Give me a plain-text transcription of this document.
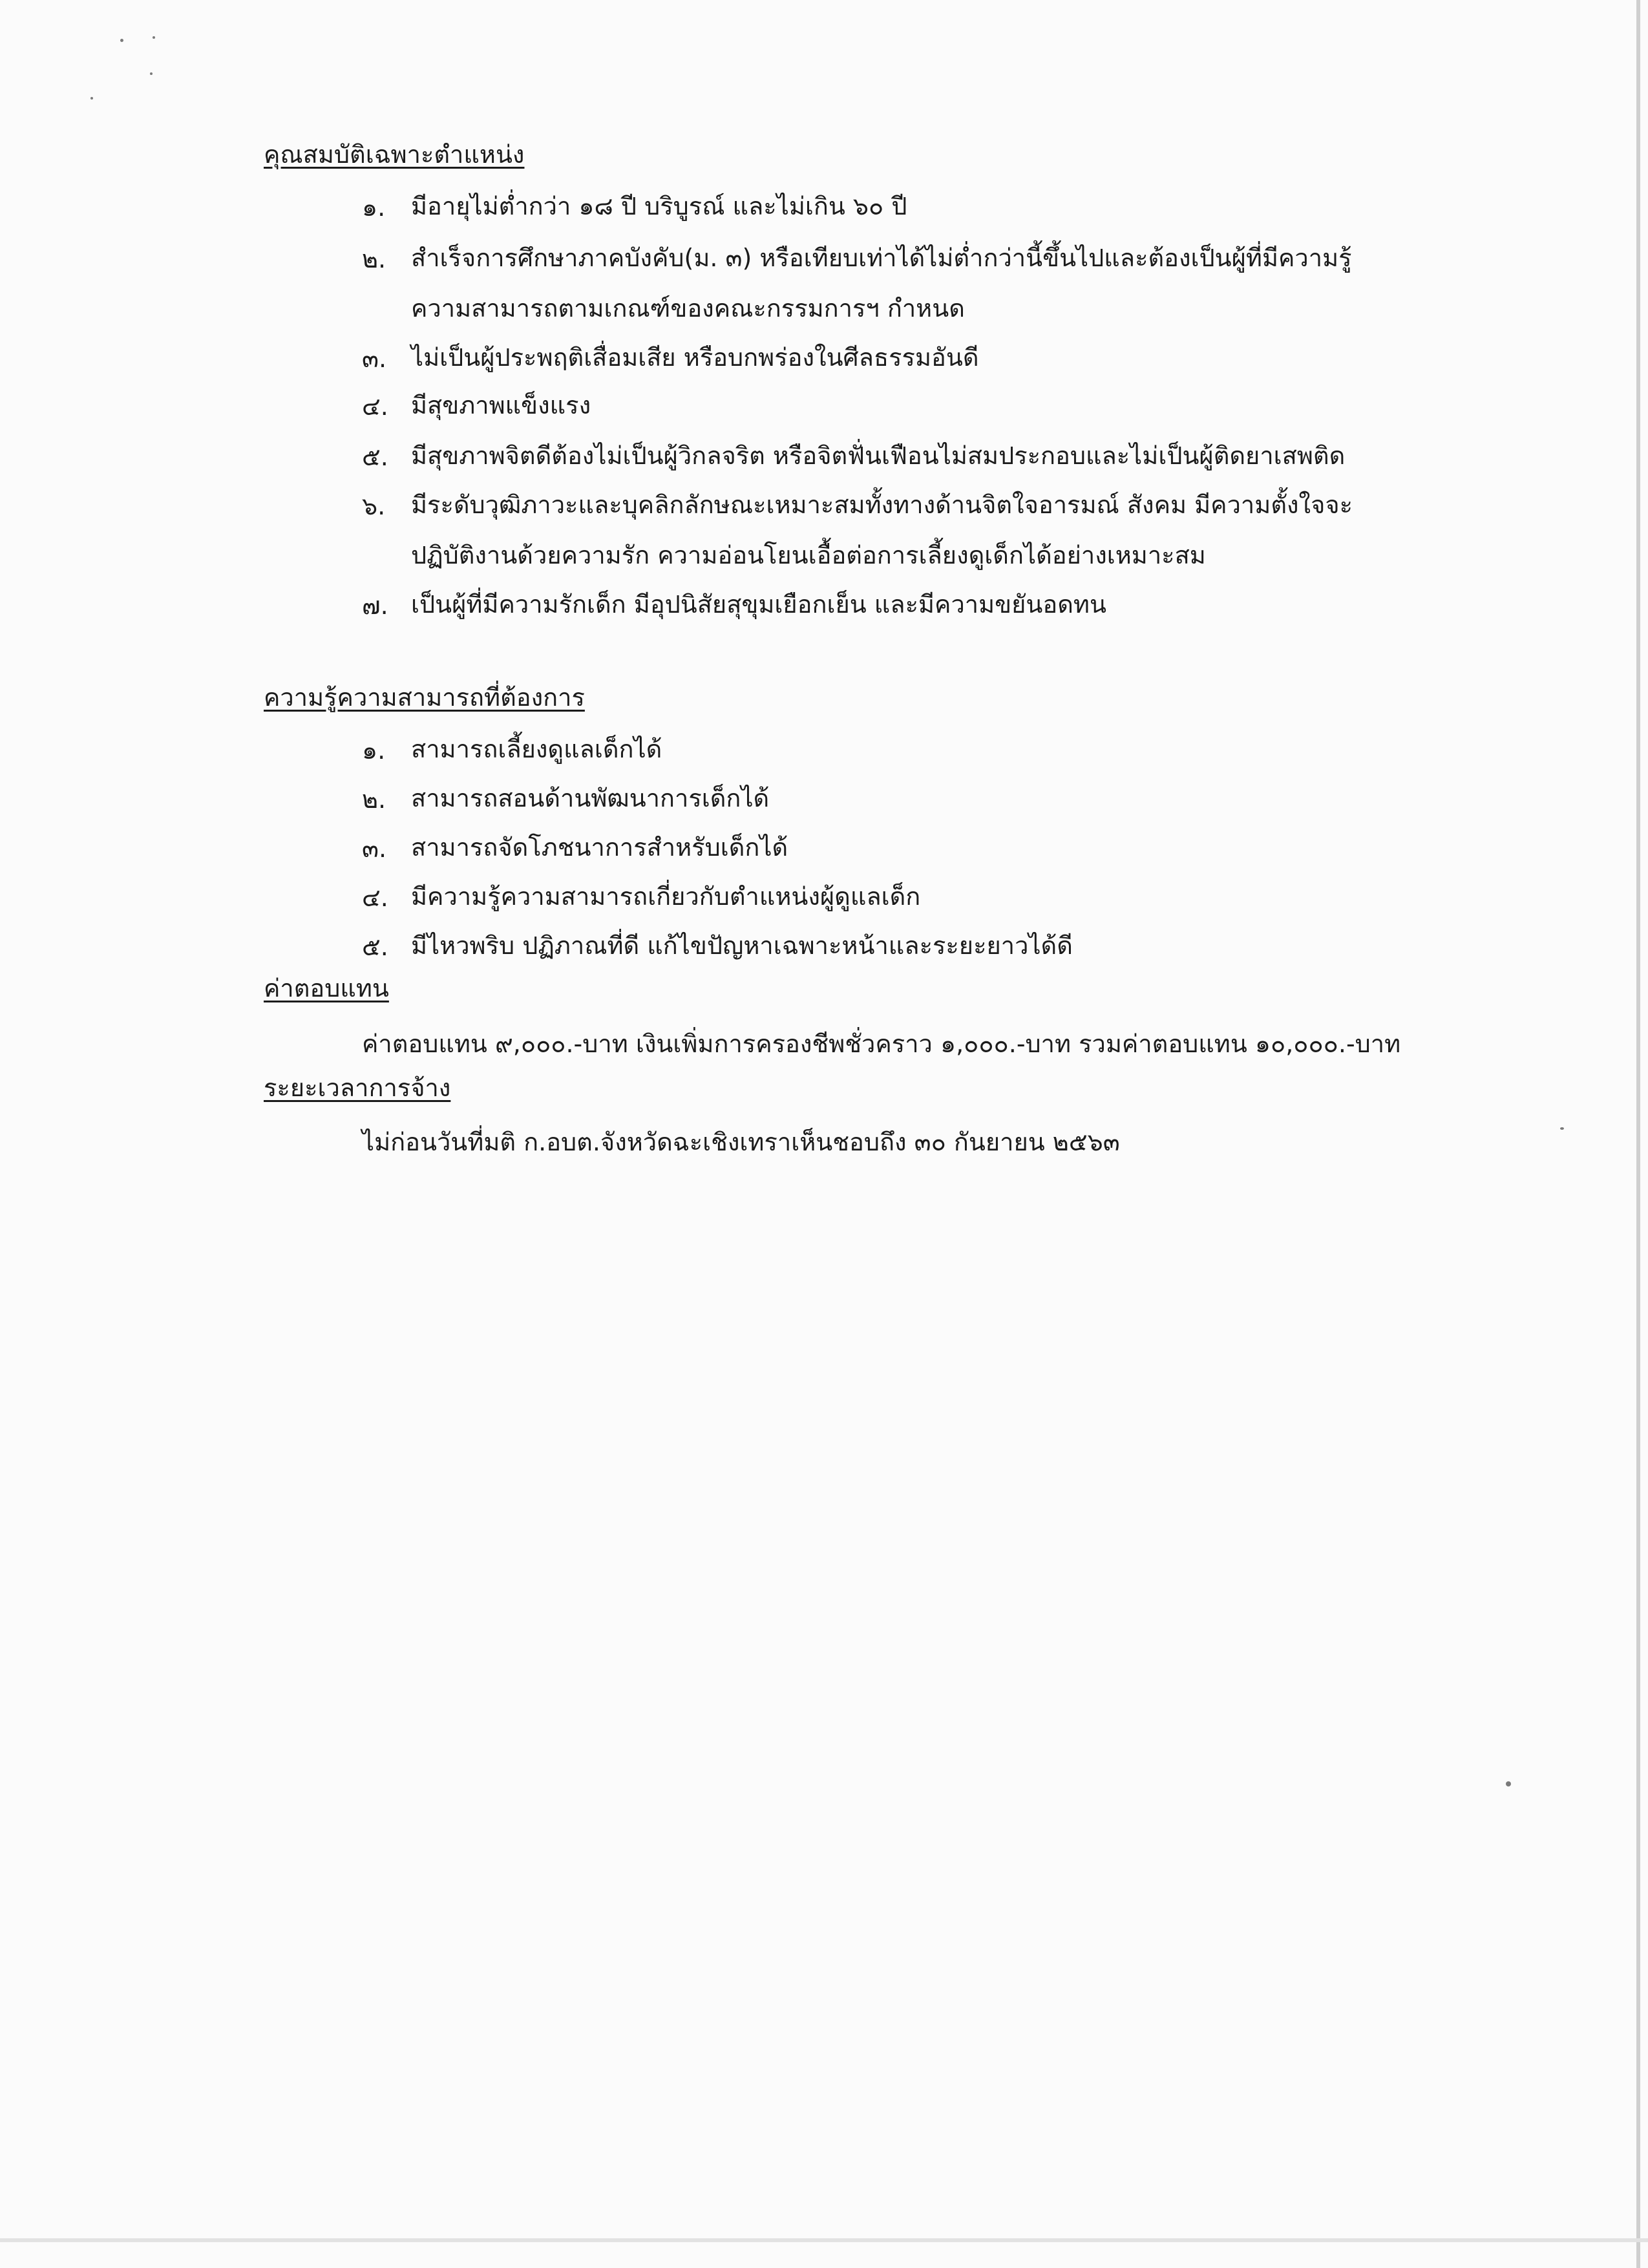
คุณสมบัติเฉพาะตำแหน่ง
๑. มีอายุไม่ต่ำกว่า ๑๘ ปี บริบูรณ์ และไม่เกิน ๖๐ ปี
๒. สำเร็จการศึกษาภาคบังคับ(ม. ๓) หรือเทียบเท่าได้ไม่ต่ำกว่านี้ขึ้นไปและต้องเป็นผู้ที่มีความรู้
ความสามารถตามเกณฑ์ของคณะกรรมการฯ กำหนด
๓. ไม่เป็นผู้ประพฤติเสื่อมเสีย หรือบกพร่องในศีลธรรมอันดี
๔. มีสุขภาพแข็งแรง
๕. มีสุขภาพจิตดีต้องไม่เป็นผู้วิกลจริต หรือจิตฟั่นเฟือนไม่สมประกอบและไม่เป็นผู้ติดยาเสพติด
๖. มีระดับวุฒิภาวะและบุคลิกลักษณะเหมาะสมทั้งทางด้านจิตใจอารมณ์ สังคม มีความตั้งใจจะ
ปฏิบัติงานด้วยความรัก ความอ่อนโยนเอื้อต่อการเลี้ยงดูเด็กได้อย่างเหมาะสม
๗. เป็นผู้ที่มีความรักเด็ก มีอุปนิสัยสุขุมเยือกเย็น และมีความขยันอดทน
ความรู้ความสามารถที่ต้องการ
๑. สามารถเลี้ยงดูแลเด็กได้
๒. สามารถสอนด้านพัฒนาการเด็กได้
๓. สามารถจัดโภชนาการสำหรับเด็กได้
๔. มีความรู้ความสามารถเกี่ยวกับตำแหน่งผู้ดูแลเด็ก
๕. มีไหวพริบ ปฏิภาณที่ดี แก้ไขปัญหาเฉพาะหน้าและระยะยาวได้ดี
ค่าตอบแทน
ค่าตอบแทน ๙,๐๐๐.-บาท เงินเพิ่มการครองชีพชั่วคราว ๑,๐๐๐.-บาท รวมค่าตอบแทน ๑๐,๐๐๐.-บาท
ระยะเวลาการจ้าง
ไม่ก่อนวันที่มติ ก.อบต.จังหวัดฉะเชิงเทราเห็นชอบถึง ๓๐ กันยายน ๒๕๖๓
